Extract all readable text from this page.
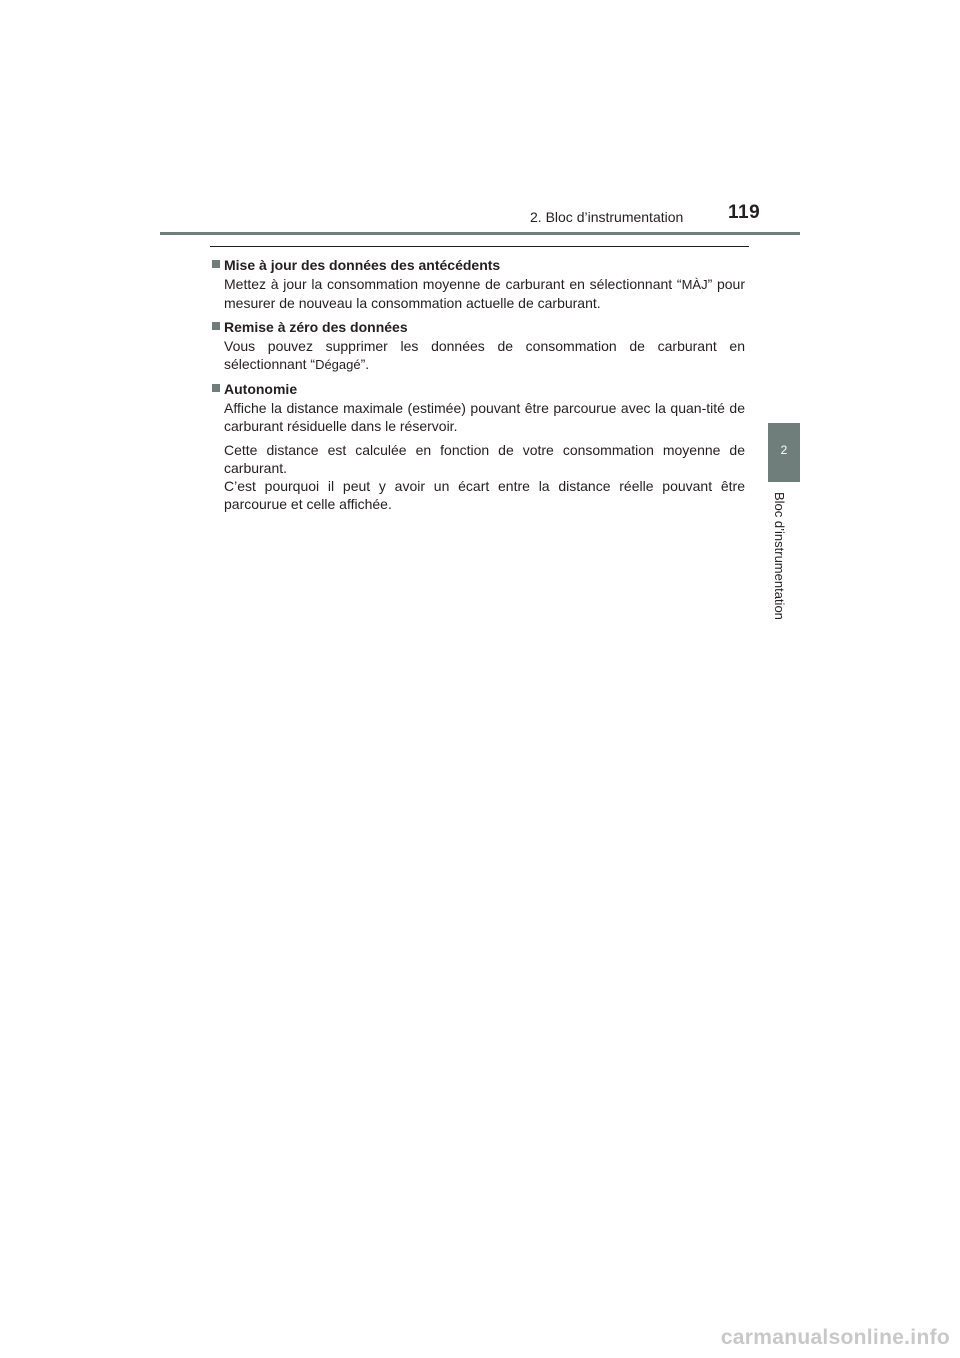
2. Bloc d’instrumentation	119
2
Bloc d’instrumentation
Mise à jour des données des antécédents
Mettez à jour la consommation moyenne de carburant en sélectionnant “MÀJ” pour mesurer de nouveau la consommation actuelle de carburant.
Remise à zéro des données
Vous pouvez supprimer les données de consommation de carburant en sélectionnant “Dégagé”.
Autonomie
Affiche la distance maximale (estimée) pouvant être parcourue avec la quan-tité de carburant résiduelle dans le réservoir.
Cette distance est calculée en fonction de votre consommation moyenne de carburant.
C’est pourquoi il peut y avoir un écart entre la distance réelle pouvant être parcourue et celle affichée.
carmanualsonline.info
